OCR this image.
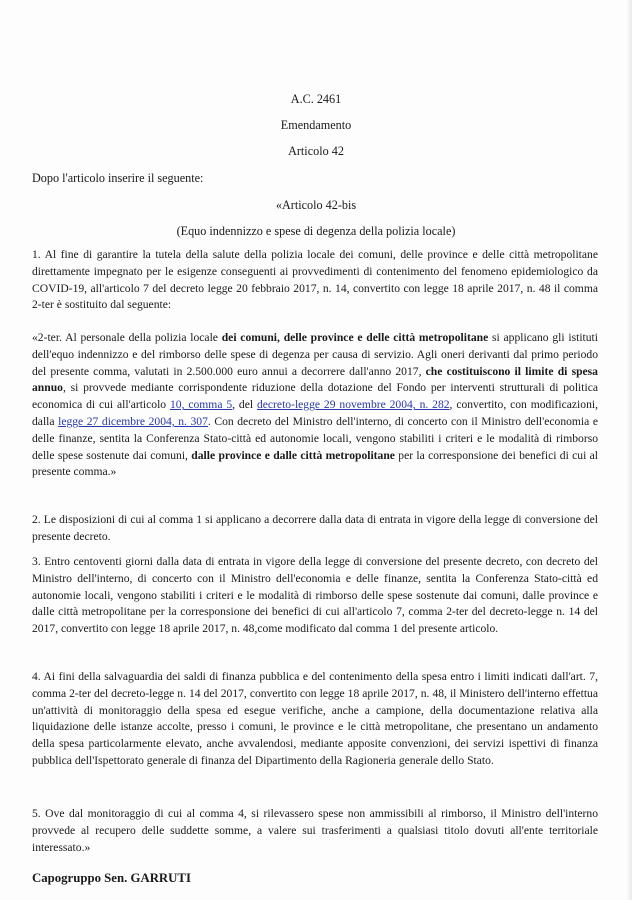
A.C. 2461
Emendamento
Articolo 42
Dopo l'articolo inserire il seguente:
«Articolo 42-bis
(Equo indennizzo e spese di degenza della polizia locale)
1. Al fine di garantire la tutela della salute della polizia locale dei comuni, delle province e delle città metropolitane direttamente impegnato per le esigenze conseguenti ai provvedimenti di contenimento del fenomeno epidemiologico da COVID-19, all'articolo 7 del decreto legge 20 febbraio 2017, n. 14, convertito con legge 18 aprile 2017, n. 48 il comma 2-ter è sostituito dal seguente:
«2-ter. Al personale della polizia locale dei comuni, delle province e delle città metropolitane si applicano gli istituti dell'equo indennizzo e del rimborso delle spese di degenza per causa di servizio. Agli oneri derivanti dal primo periodo del presente comma, valutati in 2.500.000 euro annui a decorrere dall'anno 2017, che costituiscono il limite di spesa annuo, si provvede mediante corrispondente riduzione della dotazione del Fondo per interventi strutturali di politica economica di cui all'articolo 10, comma 5, del decreto-legge 29 novembre 2004, n. 282, convertito, con modificazioni, dalla legge 27 dicembre 2004, n. 307. Con decreto del Ministro dell'interno, di concerto con il Ministro dell'economia e delle finanze, sentita la Conferenza Stato-città ed autonomie locali, vengono stabiliti i criteri e le modalità di rimborso delle spese sostenute dai comuni, dalle province e dalle città metropolitane per la corresponsione dei benefici di cui al presente comma.»
2. Le disposizioni di cui al comma 1 si applicano a decorrere dalla data di entrata in vigore della legge di conversione del presente decreto.
3. Entro centoventi giorni dalla data di entrata in vigore della legge di conversione del presente decreto, con decreto del Ministro dell'interno, di concerto con il Ministro dell'economia e delle finanze, sentita la Conferenza Stato-città ed autonomie locali, vengono stabiliti i criteri e le modalità di rimborso delle spese sostenute dai comuni, dalle province e dalle città metropolitane per la corresponsione dei benefici di cui all'articolo 7, comma 2-ter del decreto-legge n. 14 del 2017, convertito con legge 18 aprile 2017, n. 48,come modificato dal comma 1 del presente articolo.
4. Ai fini della salvaguardia dei saldi di finanza pubblica e del contenimento della spesa entro i limiti indicati dall'art. 7, comma 2-ter del decreto-legge n. 14 del 2017, convertito con legge 18 aprile 2017, n. 48, il Ministero dell'interno effettua un'attività di monitoraggio della spesa ed esegue verifiche, anche a campione, della documentazione relativa alla liquidazione delle istanze accolte, presso i comuni, le province e le città metropolitane, che presentano un andamento della spesa particolarmente elevato, anche avvalendosi, mediante apposite convenzioni, dei servizi ispettivi di finanza pubblica dell'Ispettorato generale di finanza del Dipartimento della Ragioneria generale dello Stato.
5. Ove dal monitoraggio di cui al comma 4, si rilevassero spese non ammissibili al rimborso, il Ministro dell'interno provvede al recupero delle suddette somme, a valere sui trasferimenti a qualsiasi titolo dovuti all'ente territoriale interessato.»
Capogruppo Sen. GARRUTI
